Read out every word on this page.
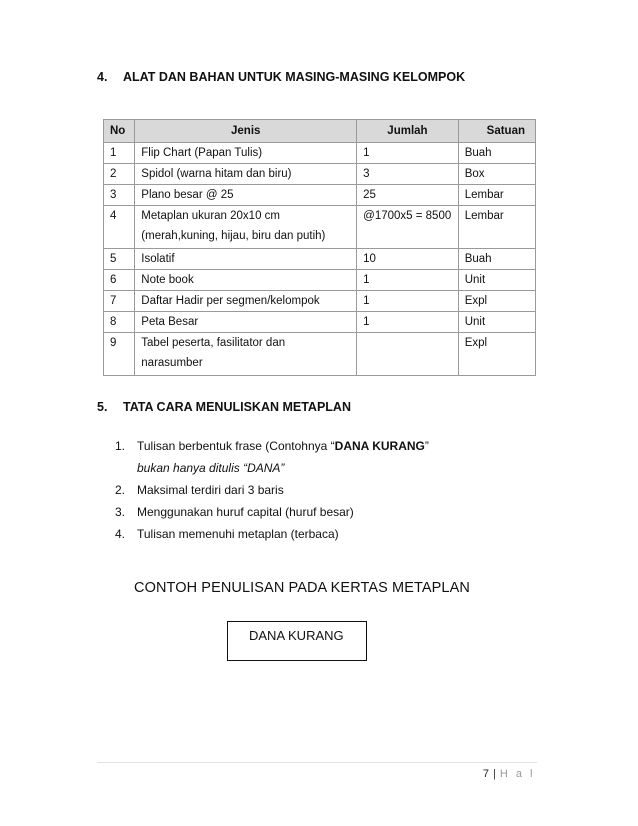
4. ALAT DAN BAHAN UNTUK MASING-MASING KELOMPOK
No	Jenis	Jumlah	Satuan
1	Flip Chart (Papan Tulis)	1	Buah
2	Spidol (warna hitam dan biru)	3	Box
3	Plano besar @ 25	25	Lembar
4	Metaplan ukuran 20x10 cm
(merah,kuning, hijau, biru dan putih)	@1700x5 = 8500	Lembar
5	Isolatif	10	Buah
6	Note book	1	Unit
7	Daftar Hadir per segmen/kelompok	1	Expl
8	Peta Besar	1	Unit
9	Tabel peserta, fasilitator dan
narasumber		Expl
5. TATA CARA MENULISKAN METAPLAN
1. Tulisan berbentuk frase (Contohnya “DANA KURANG”
bukan hanya ditulis “DANA”
2. Maksimal terdiri dari 3 baris
3. Menggunakan huruf capital (huruf besar)
4. Tulisan memenuhi metaplan (terbaca)
CONTOH PENULISAN PADA KERTAS METAPLAN
DANA KURANG
7 | H a l
